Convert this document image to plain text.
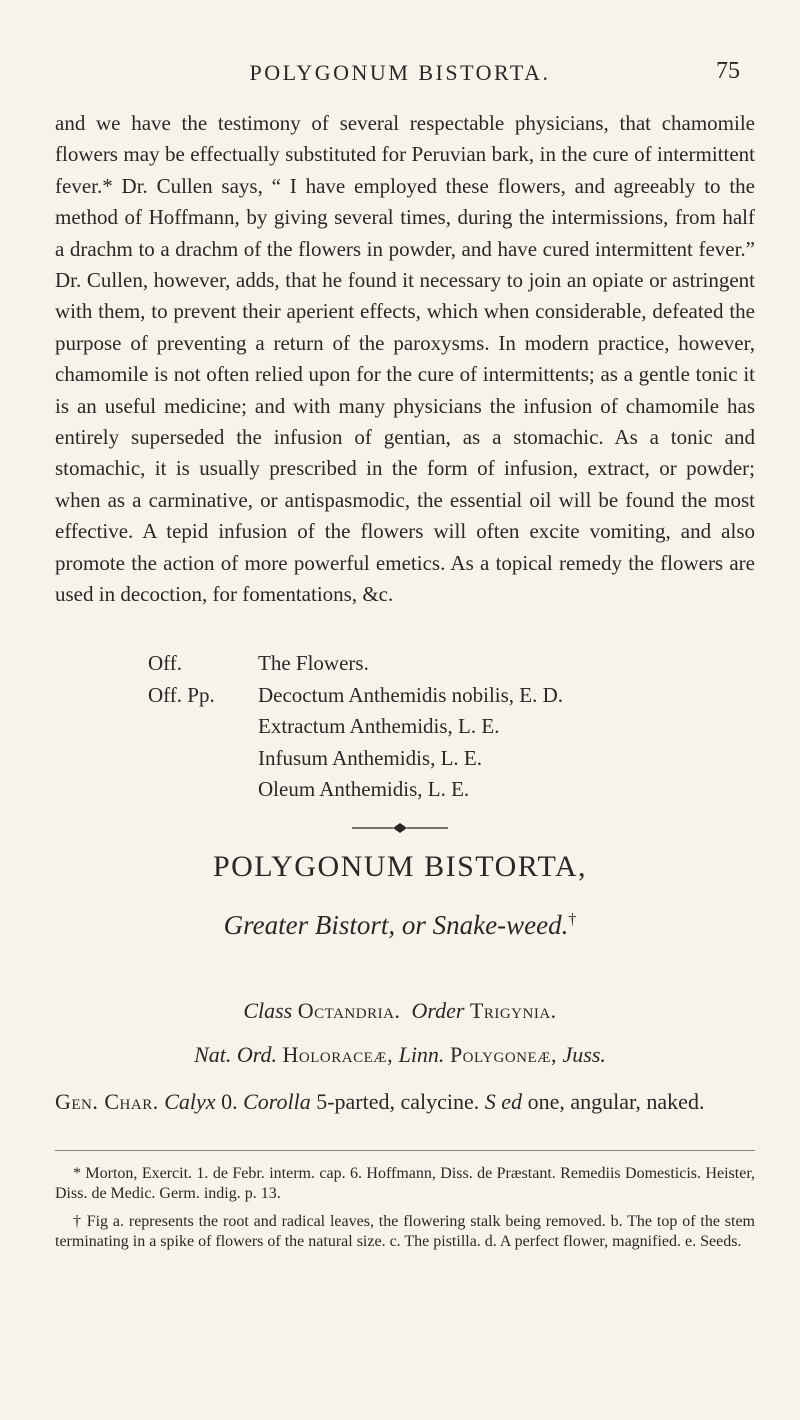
POLYGONUM BISTORTA.	75

and we have the testimony of several respectable physicians, that chamomile flowers may be effectually substituted for Peruvian bark, in the cure of intermittent fever.* Dr. Cullen says, “ I have employed these flowers, and agreeably to the method of Hoffmann, by giving several times, during the intermissions, from half a drachm to a drachm of the flowers in powder, and have cured intermittent fever.” Dr. Cullen, however, adds, that he found it necessary to join an opiate or astringent with them, to prevent their aperient effects, which when considerable, defeated the purpose of preventing a return of the paroxysms. In modern practice, however, chamomile is not often relied upon for the cure of intermittents; as a gentle tonic it is an useful medicine; and with many physicians the infusion of chamomile has entirely superseded the infusion of gentian, as a stomachic. As a tonic and stomachic, it is usually prescribed in the form of infusion, extract, or powder; when as a carminative, or antispasmodic, the essential oil will be found the most effective. A tepid infusion of the flowers will often excite vomiting, and also promote the action of more powerful emetics. As a topical remedy the flowers are used in decoction, for fomentations, &c.

Off.	The Flowers.
Off. Pp.	Decoctum Anthemidis nobilis, E. D.
Extractum Anthemidis, L. E.
Infusum Anthemidis, L. E.
Oleum Anthemidis, L. E.
POLYGONUM BISTORTA,
Greater Bistort, or Snake-weed.†
Class Octandria. Order Trigynia.
Nat. Ord. Holoraceæ, Linn. Polygoneæ, Juss.
Gen. Char. Calyx 0. Corolla 5-parted, calycine. S ed one, angular, naked.

* Morton, Exercit. 1. de Febr. interm. cap. 6. Hoffmann, Diss. de Præstant. Remediis Domesticis. Heister, Diss. de Medic. Germ. indig. p. 13.

† Fig a. represents the root and radical leaves, the flowering stalk being removed. b. The top of the stem terminating in a spike of flowers of the natural size. c. The pistilla. d. A perfect flower, magnified. e. Seeds.
